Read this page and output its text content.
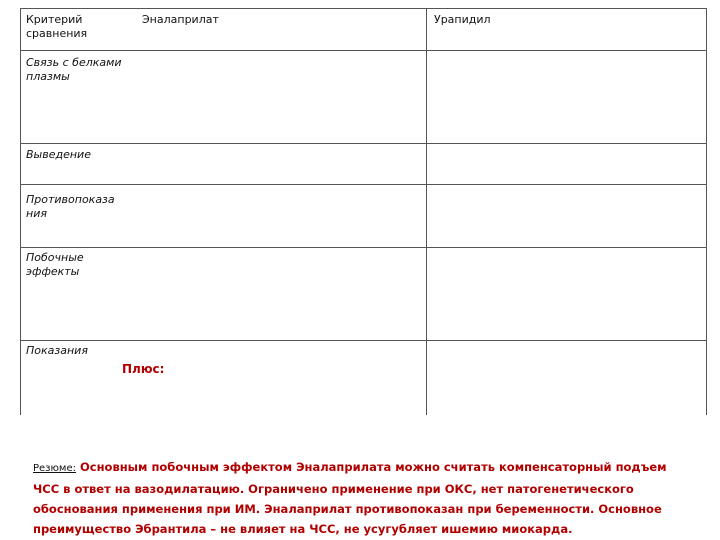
Критерий сравнения
Эналаприлат	Урапидил
Связь с белками плазмы
Выведение
Противопоказа ния
Побочные эффекты
Показания
Плюс:
Резюме: Основным побочным эффектом Эналаприлата можно считать компенсаторный подъем ЧСС в ответ на вазодилатацию. Ограничено применение при ОКС, нет патогенетического обоснования применения при ИМ. Эналаприлат противопоказан при беременности. Основное преимущество Эбрантила – не влияет на ЧСС, не усугубляет ишемию миокарда.
